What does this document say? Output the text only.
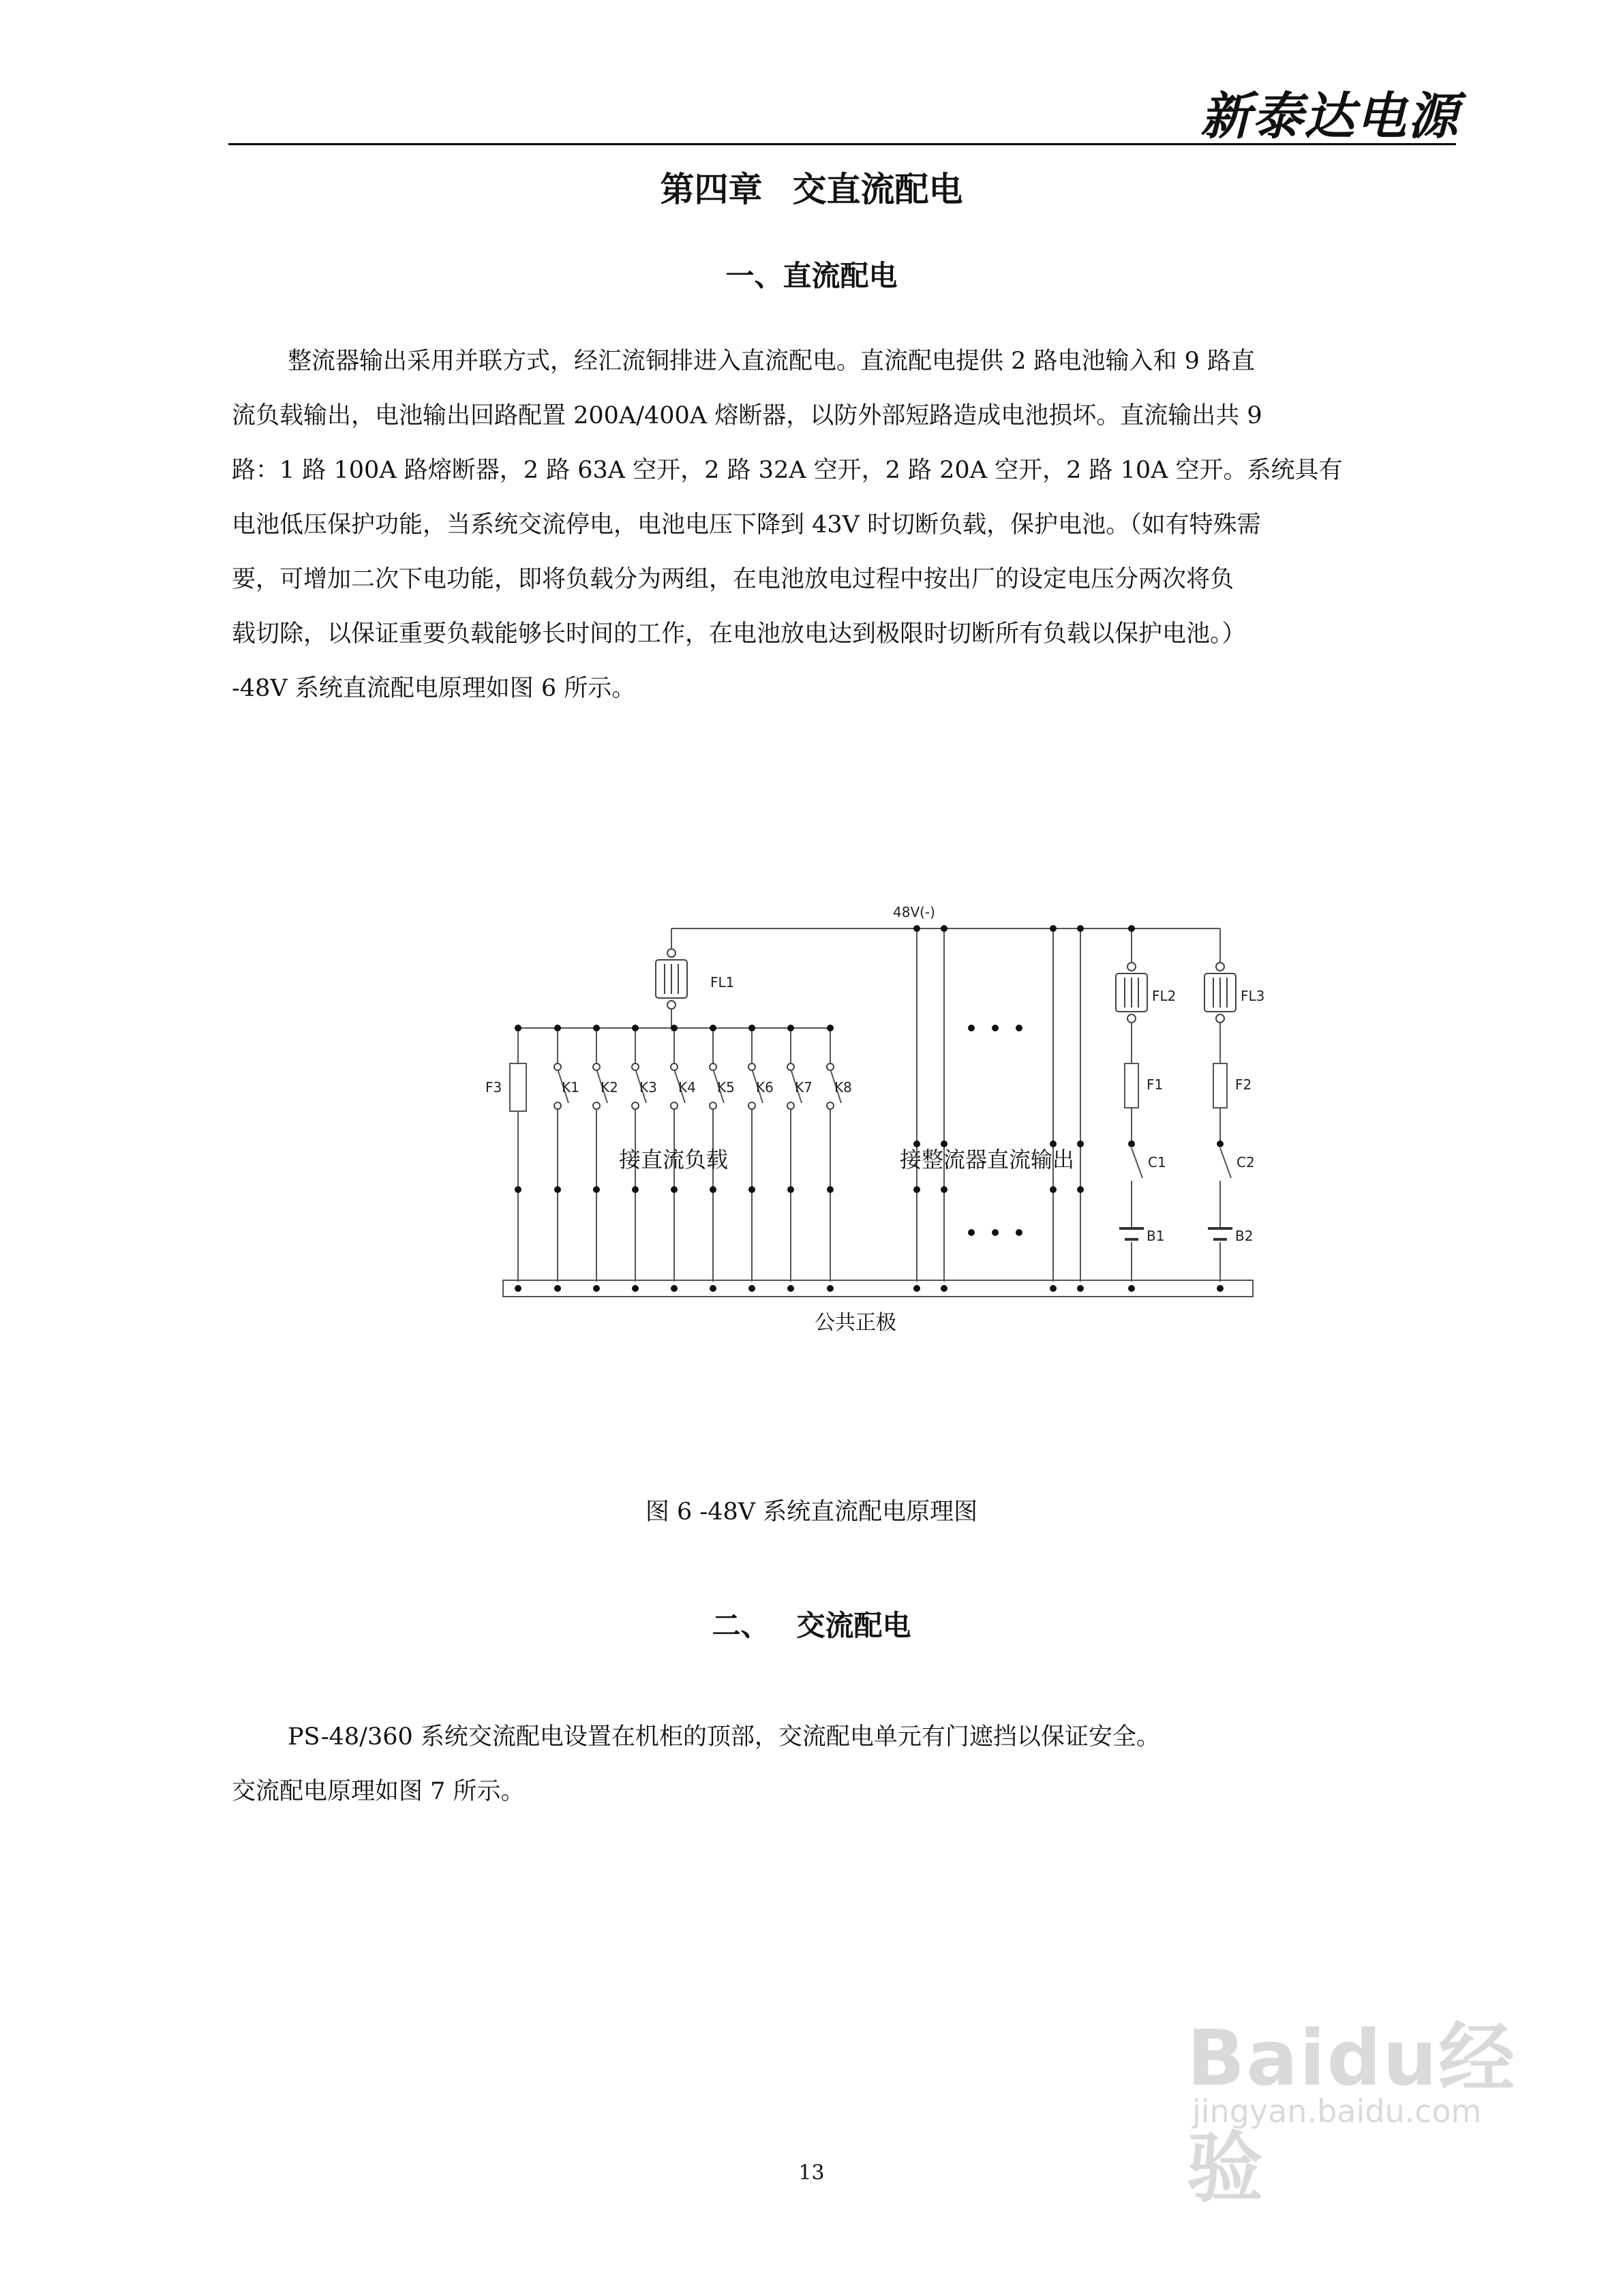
新泰达电源
第四章 交直流配电
一、直流配电

整流器输出采用并联方式，经汇流铜排进入直流配电。直流配电提供 2 路电池输入和 9 路直
流负载输出，电池输出回路配置 200A/400A 熔断器，以防外部短路造成电池损坏。直流输出共 9
路：1 路 100A 路熔断器，2 路 63A 空开，2 路 32A 空开，2 路 20A 空开，2 路 10A 空开。系统具有
电池低压保护功能，当系统交流停电，电池电压下降到 43V 时切断负载，保护电池。（如有特殊需
要，可增加二次下电功能，即将负载分为两组，在电池放电过程中按出厂的设定电压分两次将负
载切除，以保证重要负载能够长时间的工作，在电池放电达到极限时切断所有负载以保护电池。）
-48V 系统直流配电原理如图 6 所示。

48V(-)
FL1
FL2	FL3
F3	K1 K2 K3 K4 K5 K6 K7 K8	F1	F2
C1	C2
B1	B2
接直流负载	接整流器直流输出
公共正极
图 6 -48V 系统直流配电原理图
二、 交流配电

PS-48/360 系统交流配电设置在机柜的顶部，交流配电单元有门遮挡以保证安全。
交流配电原理如图 7 所示。

13
Baidu经验
jingyan.baidu.com
